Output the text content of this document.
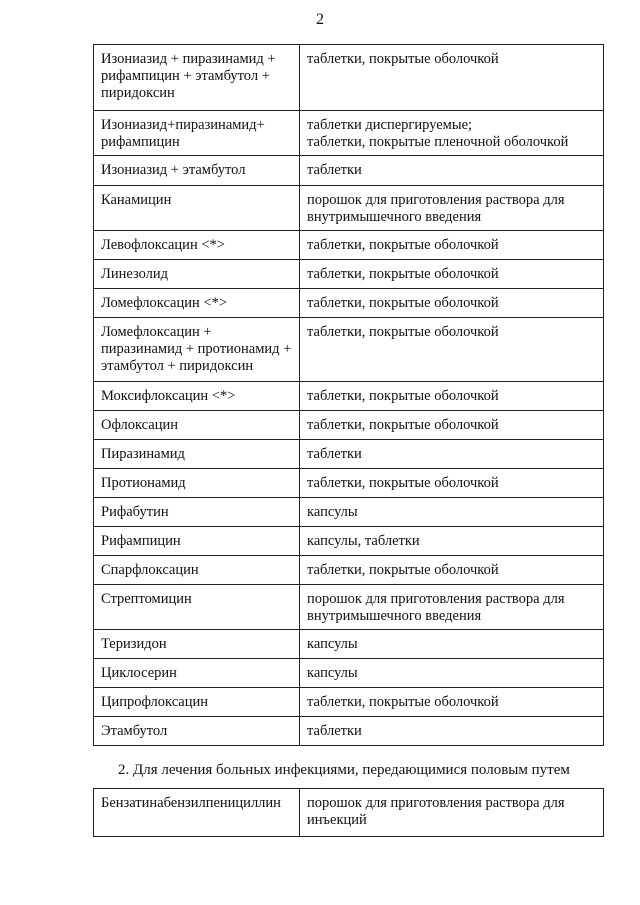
2
Изониазид + пиразинамид + рифампицин + этамбутол + пиридоксин	таблетки, покрытые оболочкой

Изониазид+пиразинамид+ рифампицин	таблетки диспергируемые;
таблетки, покрытые пленочной оболочкой

Изониазид + этамбутол	таблетки

Канамицин	порошок для приготовления раствора для внутримышечного введения

Левофлоксацин <*>	таблетки, покрытые оболочкой

Линезолид	таблетки, покрытые оболочкой

Ломефлоксацин <*>	таблетки, покрытые оболочкой

Ломефлоксацин + пиразинамид + протионамид + этамбутол + пиридоксин	таблетки, покрытые оболочкой

Моксифлоксацин <*>	таблетки, покрытые оболочкой

Офлоксацин	таблетки, покрытые оболочкой

Пиразинамид	таблетки

Протионамид	таблетки, покрытые оболочкой

Рифабутин	капсулы

Рифампицин	капсулы, таблетки

Спарфлоксацин	таблетки, покрытые оболочкой

Стрептомицин	порошок для приготовления раствора для внутримышечного введения

Теризидон	капсулы

Циклосерин	капсулы

Ципрофлоксацин	таблетки, покрытые оболочкой

Этамбутол	таблетки
2. Для лечения больных инфекциями, передающимися половым путем
Бензатинабензилпенициллин	порошок для приготовления раствора для инъекций
